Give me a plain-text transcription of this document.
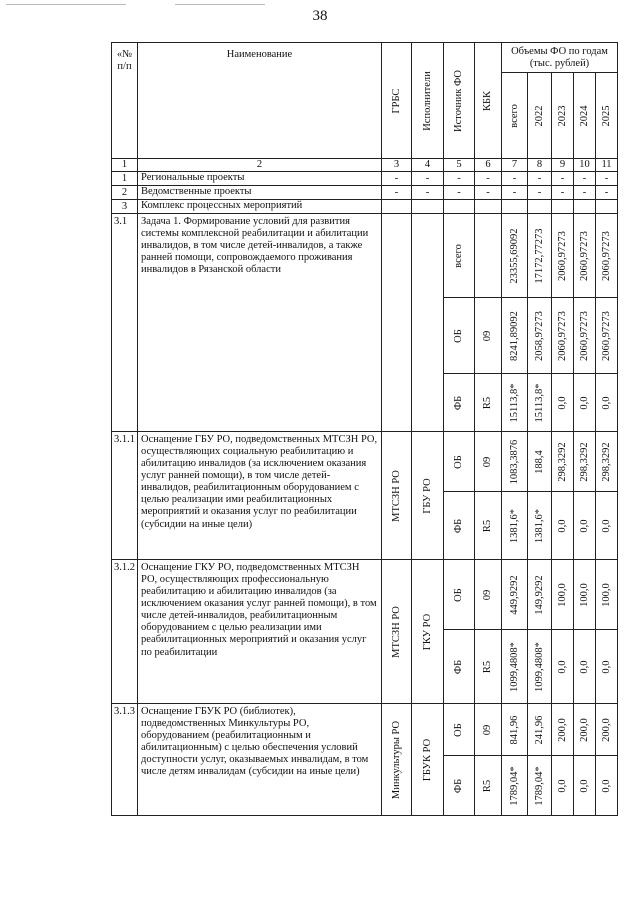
38
«№ п/п	Наименование	ГРБС	Исполнители	Источник ФО	КБК	Объемы ФО по годам (тыс. рублей)				

						всего	2022	2023	2024	2025

1	2	3	4	5	6	7	8	9	10	11
1	Региональные проекты	-	-	-	-	-	-	-	-	-
2	Ведомственные проекты	-	-	-	-	-	-	-	-	-
3	Комплекс процессных мероприятий									
3.1	Задача 1. Формирование условий для развития системы комплексной реабилитации и абилитации инвалидов, в том числе детей-инвалидов, а также ранней помощи, сопровождаемого проживания инвалидов в Рязанской области			всего		23355,69092	17172,77273	2060,97273	2060,97273	2060,97273

				ОБ	09	8241,89092	2058,97273	2060,97273	2060,97273	2060,97273

				ФБ	R5	15113,8*	15113,8*	0,0	0,0	0,0

3.1.1	Оснащение ГБУ РО, подведомственных МТСЗН РО, осуществляющих социальную реабилитацию и абилитацию инвалидов (за исключением оказания услуг ранней помощи), в том числе детей-инвалидов, реабилитационным оборудованием с целью реализации ими реабилитационных мероприятий и оказания услуг по реабилитации (субсидии на иные цели)	МТСЗН РО	ГБУ РО	ОБ	09	1083,3876	188,4	298,3292	298,3292	298,3292

				ФБ	R5	1381,6*	1381,6*	0,0	0,0	0,0

3.1.2	Оснащение ГКУ РО, подведомственных МТСЗН РО, осуществляющих профессиональную реабилитацию и абилитацию инвалидов (за исключением оказания услуг ранней помощи), в том числе детей-инвалидов, реабилитационным оборудованием с целью реализации ими реабилитационных мероприятий и оказания услуг по реабилитации	МТСЗН РО	ГКУ РО	ОБ	09	449,9292	149,9292	100,0	100,0	100,0

				ФБ	R5	1099,4808*	1099,4808*	0,0	0,0	0,0

3.1.3	Оснащение ГБУК РО (библиотек), подведомственных Минкультуры РО, оборудованием (реабилитационным и абилитационным) с целью обеспечения условий доступности услуг, оказываемых инвалидам, в том числе детям инвалидам (субсидии на иные цели)	Минкультуры РО	ГБУК РО	ОБ	09	841,96	241,96	200,0	200,0	200,0

				ФБ	R5	1789,04*	1789,04*	0,0	0,0	0,0
